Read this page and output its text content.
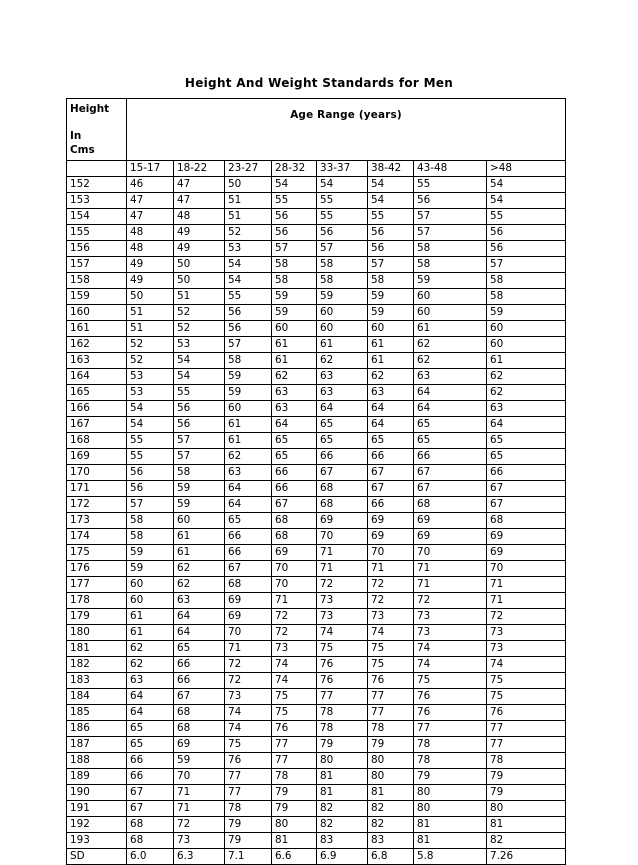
Height And Weight Standards for Men
Height
In
Cms	Age Range (years)							
	15-17	18-22	23-27	28-32	33-37	38-42	43-48	>48
152	46	47	50	54	54	54	55	54
153	47	47	51	55	55	54	56	54
154	47	48	51	56	55	55	57	55
155	48	49	52	56	56	56	57	56
156	48	49	53	57	57	56	58	56
157	49	50	54	58	58	57	58	57
158	49	50	54	58	58	58	59	58
159	50	51	55	59	59	59	60	58
160	51	52	56	59	60	59	60	59
161	51	52	56	60	60	60	61	60
162	52	53	57	61	61	61	62	60
163	52	54	58	61	62	61	62	61
164	53	54	59	62	63	62	63	62
165	53	55	59	63	63	63	64	62
166	54	56	60	63	64	64	64	63
167	54	56	61	64	65	64	65	64
168	55	57	61	65	65	65	65	65
169	55	57	62	65	66	66	66	65
170	56	58	63	66	67	67	67	66
171	56	59	64	66	68	67	67	67
172	57	59	64	67	68	66	68	67
173	58	60	65	68	69	69	69	68
174	58	61	66	68	70	69	69	69
175	59	61	66	69	71	70	70	69
176	59	62	67	70	71	71	71	70
177	60	62	68	70	72	72	71	71
178	60	63	69	71	73	72	72	71
179	61	64	69	72	73	73	73	72
180	61	64	70	72	74	74	73	73
181	62	65	71	73	75	75	74	73
182	62	66	72	74	76	75	74	74
183	63	66	72	74	76	76	75	75
184	64	67	73	75	77	77	76	75
185	64	68	74	75	78	77	76	76
186	65	68	74	76	78	78	77	77
187	65	69	75	77	79	79	78	77
188	66	59	76	77	80	80	78	78
189	66	70	77	78	81	80	79	79
190	67	71	77	79	81	81	80	79
191	67	71	78	79	82	82	80	80
192	68	72	79	80	82	82	81	81
193	68	73	79	81	83	83	81	82
SD	6.0	6.3	7.1	6.6	6.9	6.8	5.8	7.26
